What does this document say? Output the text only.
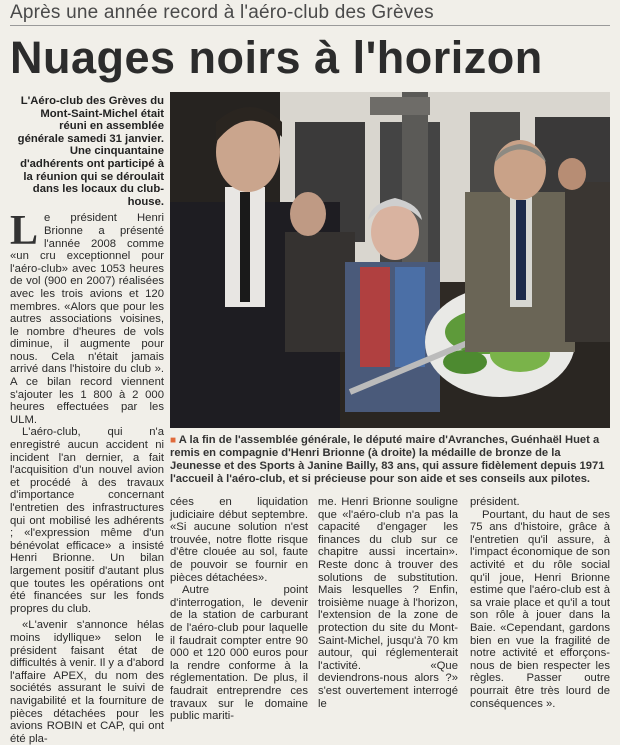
Après une année record à l'aéro-club des Grèves
Nuages noirs à l'horizon

L'Aéro-club des Grèves du Mont-Saint-Michel était réuni en assemblée générale samedi 31 janvier. Une cinquantaine d'adhérents ont participé à la réunion qui se déroulait dans les locaux du club-house.

Le président Henri Brionne a présenté l'année 2008 comme «un cru exceptionnel pour l'aéro-club» avec 1053 heures de vol (900 en 2007) réalisées avec les trois avions et 120 membres. «Alors que pour les autres associations voisines, le nombre d'heures de vols diminue, il augmente pour nous. Cela n'était jamais arrivé dans l'histoire du club ». A ce bilan record viennent s'ajouter les 1 800 à 2 000 heures effectuées par les ULM.

L'aéro-club, qui n'a enregistré aucun accident ni incident l'an dernier, a fait l'acquisition d'un nouvel avion et procédé à des travaux d'importance concernant l'entretien des infrastructures qui ont mobilisé les adhérents ; «l'expression même d'un bénévolat efficace» a insisté Henri Brionne. Un bilan largement positif d'autant plus que toutes les opérations ont été financées sur les fonds propres du club.

«L'avenir s'annonce hélas moins idyllique» selon le président faisant état de difficultés à venir. Il y a d'abord l'affaire APEX, du nom des sociétés assurant le suivi de navigabilité et la fourniture de pièces détachées pour les avions ROBIN et CAP, qui ont été pla-

■ A la fin de l'assemblée générale, le député maire d'Avranches, Guénhaël Huet a remis en compagnie d'Henri Brionne (à droite) la médaille de bronze de la Jeunesse et des Sports à Janine Bailly, 83 ans, qui assure fidèlement depuis 1971 l'accueil à l'aéro-club, et si précieuse pour son aide et ses conseils aux pilotes.

cées en liquidation judiciaire début septembre. «Si aucune solution n'est trouvée, notre flotte risque d'être clouée au sol, faute de pouvoir se fournir en pièces détachées».

Autre point d'interrogation, le devenir de la station de carburant de l'aéro-club pour laquelle il faudrait compter entre 90 000 et 120 000 euros pour la rendre conforme à la réglementation. De plus, il faudrait entreprendre ces travaux sur le domaine public mariti-

me. Henri Brionne souligne que «l'aéro-club n'a pas la capacité d'engager les finances du club sur ce chapitre aussi incertain». Reste donc à trouver des solutions de substitution. Mais lesquelles ? Enfin, troisième nuage à l'horizon, l'extension de la zone de protection du site du Mont-Saint-Michel, jusqu'à 70 km autour, qui réglementerait l'activité. «Que deviendrons-nous alors ?» s'est ouvertement interrogé le

président.

Pourtant, du haut de ses 75 ans d'histoire, grâce à l'entretien qu'il assure, à l'impact économique de son activité et du rôle social qu'il joue, Henri Brionne estime que l'aéro-club est à sa vraie place et qu'il a tout son rôle à jouer dans la Baie. «Cependant, gardons bien en vue la fragilité de notre activité et efforçons-nous de bien respecter les règles. Passer outre pourrait être très lourd de conséquences ».
